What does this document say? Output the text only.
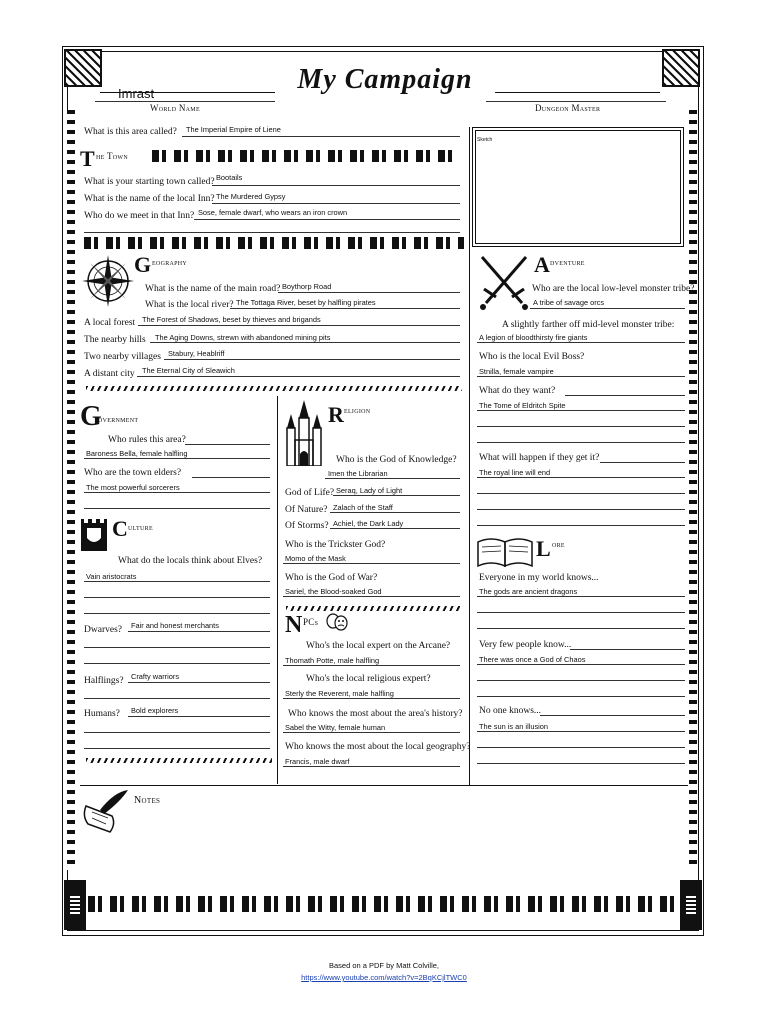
My Campaign
Imrast
World Name	Dungeon Master
What is this area called? The Imperial Empire of Liene
T he Town
What is your starting town called? Bootails
What is the name of the local Inn? The Murdered Gypsy
Who do we meet in that Inn? Sose, female dwarf, who wears an iron crown
Sketch
G eography
What is the name of the main road? Boythorp Road
What is the local river? The Tottaga River, beset by halfling pirates
A local forest The Forest of Shadows, beset by thieves and brigands
The nearby hills The Aging Downs, strewn with abandoned mining pits
Two nearby villages Stabury, Heablriff
A distant city The Eternal City of Sleawich
A dventure
Who are the local low-level monster tribe?
A tribe of savage orcs
A slightly farther off mid-level monster tribe:
A legion of bloodthirsty fire giants
Who is the local Evil Boss?
Stnilla, female vampire
What do they want?
The Tome of Eldritch Spite
What will happen if they get it?
The royal line will end
G
overnment
Who rules this area?
Baroness Bella, female halfling
Who are the town elders?
The most powerful sorcerers
C ulture
What do the locals think about Elves?
Vain aristocrats
Dwarves? Fair and honest merchants
Halflings? Crafty warriors
Humans? Bold explorers
R eligion
Who is the God of Knowledge?
Imen the Librarian
God of Life? Seraq, Lady of Light
Of Nature? Zalach of the Staff
Of Storms? Achiel, the Dark Lady
Who is the Trickster God?
Momo of the Mask
Who is the God of War?
Sariel, the Blood-soaked God
N PCs
Who's the local expert on the Arcane?
Thomath Potte, male halfling
Who's the local religious expert?
Sterly the Reverent, male halfling
Who knows the most about the area's history?
Sabel the Witty, female human
Who knows the most about the local geography?
Francis, male dwarf
L ore
Everyone in my world knows...
The gods are ancient dragons
Very few people know...
There was once a God of Chaos
No one knows...
The sun is an illusion
Notes
Based on a PDF by Matt Colville,
https://www.youtube.com/watch?v=2BqKCjlTWC0
